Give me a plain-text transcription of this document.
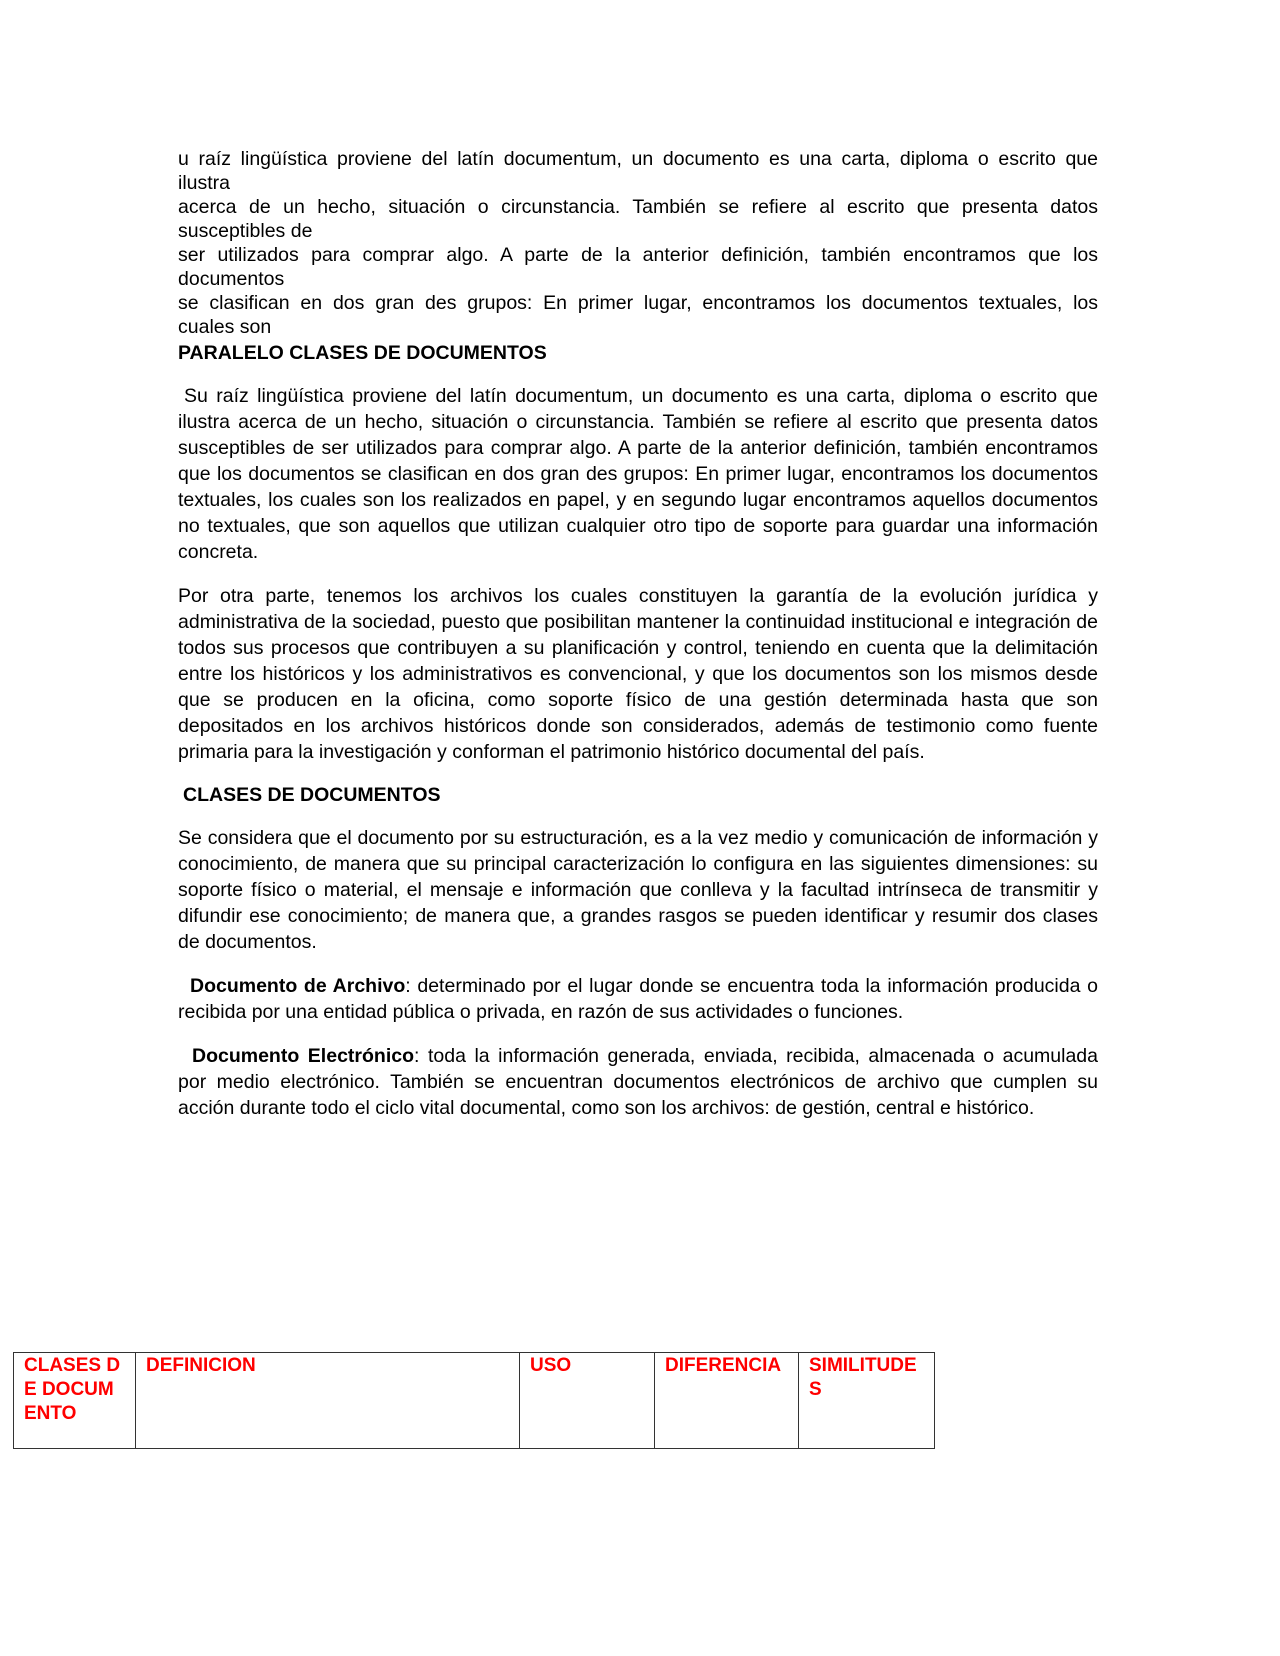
u raíz lingüística proviene del latín documentum, un documento es una carta, diploma o escrito que
ilustra
acerca de un hecho, situación o circunstancia. También se refiere al escrito que presenta datos
susceptibles de
ser utilizados para comprar algo. A parte de la anterior definición, también encontramos que los
documentos
se clasifican en dos gran des grupos: En primer lugar, encontramos los documentos textuales, los
cuales son
PARALELO CLASES DE DOCUMENTOS

Su raíz lingüística proviene del latín documentum, un documento es una carta, diploma o escrito que ilustra acerca de un hecho, situación o circunstancia. También se refiere al escrito que presenta datos susceptibles de ser utilizados para comprar algo. A parte de la anterior definición, también encontramos que los documentos se clasifican en dos gran des grupos: En primer lugar, encontramos los documentos textuales, los cuales son los realizados en papel, y en segundo lugar encontramos aquellos documentos no textuales, que son aquellos que utilizan cualquier otro tipo de soporte para guardar una información concreta.

Por otra parte, tenemos los archivos los cuales constituyen la garantía de la evolución jurídica y administrativa de la sociedad, puesto que posibilitan mantener la continuidad institucional e integración de todos sus procesos que contribuyen a su planificación y control, teniendo en cuenta que la delimitación entre los históricos y los administrativos es convencional, y que los documentos son los mismos desde que se producen en la oficina, como soporte físico de una gestión determinada hasta que son depositados en los archivos históricos donde son considerados, además de testimonio como fuente primaria para la investigación y conforman el patrimonio histórico documental del país.

CLASES DE DOCUMENTOS

Se considera que el documento por su estructuración, es a la vez medio y comunicación de información y conocimiento, de manera que su principal caracterización lo configura en las siguientes dimensiones: su soporte físico o material, el mensaje e información que conlleva y la facultad intrínseca de transmitir y difundir ese conocimiento; de manera que, a grandes rasgos se pueden identificar y resumir dos clases de documentos.

Documento de Archivo: determinado por el lugar donde se encuentra toda la información producida o recibida por una entidad pública o privada, en razón de sus actividades o funciones.

Documento Electrónico: toda la información generada, enviada, recibida, almacenada o acumulada por medio electrónico. También se encuentran documentos electrónicos de archivo que cumplen su acción durante todo el ciclo vital documental, como son los archivos: de gestión, central e histórico.

CLASES DE DOCUMENTO	DEFINICION	USO	DIFERENCIA	SIMILITUDES
